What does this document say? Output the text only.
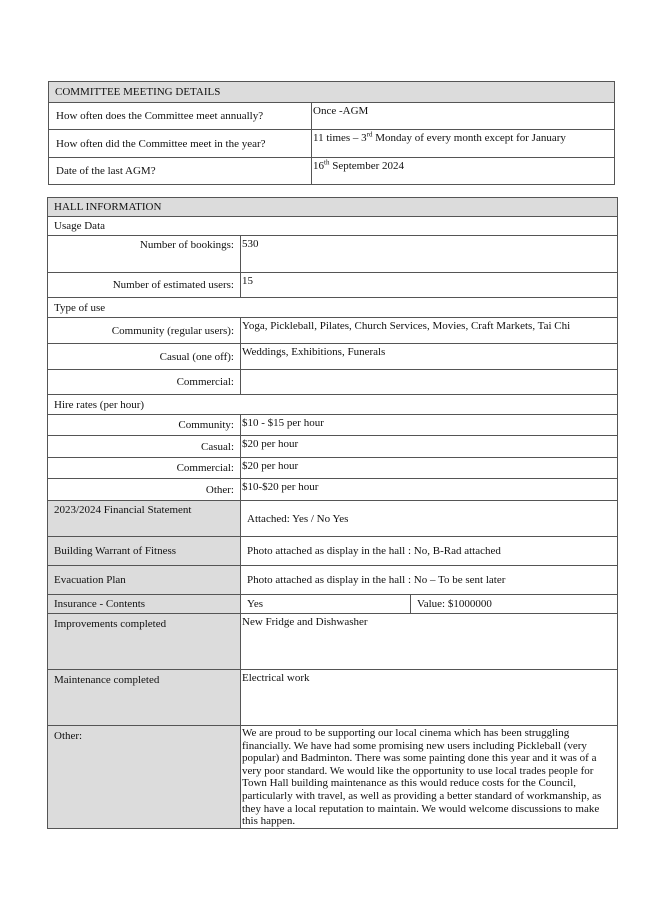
COMMITTEE MEETING DETAILS	
How often does the Committee meet annually?	Once -AGM
How often did the Committee meet in the year?	11 times – 3rd Monday of every month except for January
Date of the last AGM?	16th September 2024
HALL INFORMATION		
Usage Data		
Number of bookings:	530	
Number of estimated users:	15	
Type of use		
Community (regular users):	Yoga, Pickleball, Pilates, Church Services, Movies, Craft Markets, Tai Chi	
Casual (one off):	Weddings, Exhibitions, Funerals	
Commercial:		
Hire rates (per hour)		
Community:	$10 - $15 per hour	
Casual:	$20 per hour	
Commercial:	$20 per hour	
Other:	$10-$20 per hour	
2023/2024 Financial Statement	Attached: Yes / No Yes	
Building Warrant of Fitness	Photo attached as display in the hall : No, B-Rad attached	
Evacuation Plan	Photo attached as display in the hall : No – To be sent later	
Insurance - Contents	Yes	Value: $1000000
Improvements completed	New Fridge and Dishwasher	
Maintenance completed	Electrical work	
Other:	We are proud to be supporting our local cinema which has been struggling financially. We have had some promising new users including Pickleball (very popular) and Badminton. There was some painting done this year and it was of a very poor standard. We would like the opportunity to use local trades people for Town Hall building maintenance as this would reduce costs for the Council, particularly with travel, as well as providing a better standard of workmanship, as they have a local reputation to maintain. We would welcome discussions to make this happen.	
